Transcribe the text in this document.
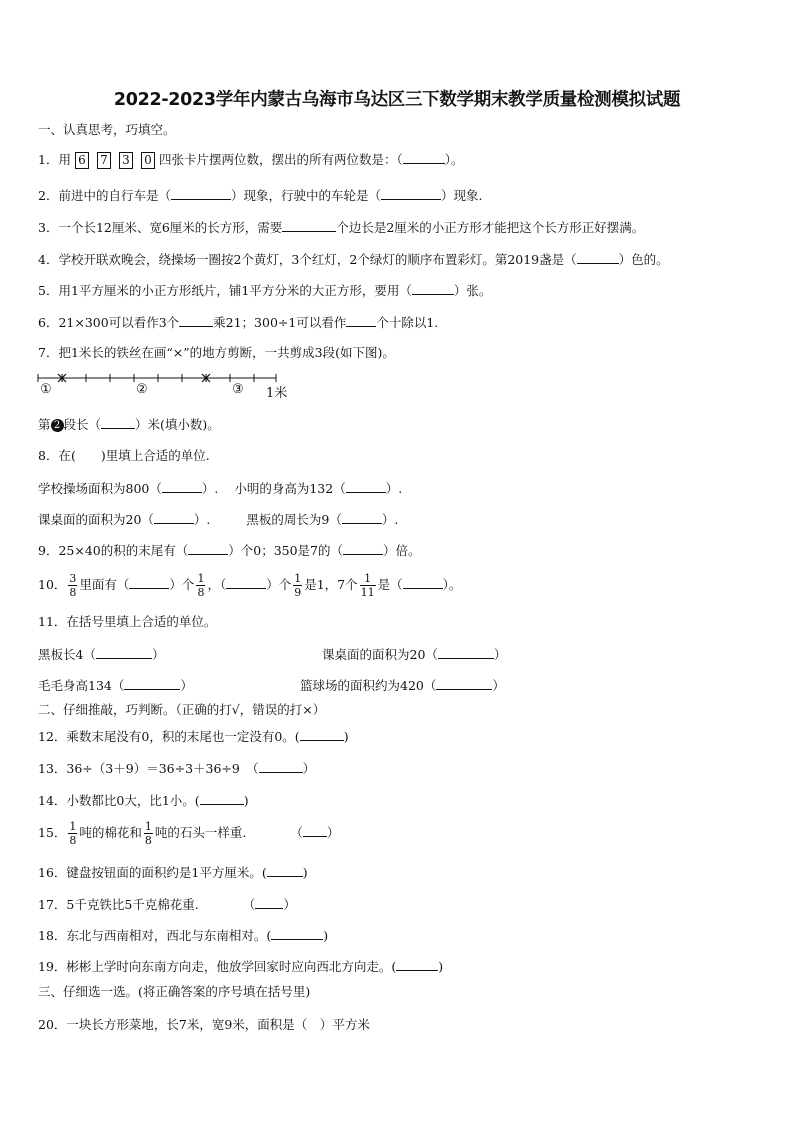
2022-2023学年内蒙古乌海市乌达区三下数学期末教学质量检测模拟试题
一、认真思考，巧填空。
1．用 6 7 3 0 四张卡片摆两位数，摆出的所有两位数是：（	）。
2．前进中的自行车是（	）现象，行驶中的车轮是（	）现象.
3．一个长12厘米、宽6厘米的长方形，需要	个边长是2厘米的小正方形才能把这个长方形正好摆满。
4．学校开联欢晚会，绕操场一圈按2个黄灯，3个红灯，2个绿灯的顺序布置彩灯。第2019盏是（	）色的。
5．用1平方厘米的小正方形纸片，铺1平方分米的大正方形，要用（	）张。
6．21×300可以看作3个	乘21；300÷1可以看作 个十除以1.
7．把1米长的铁丝在画“×”的地方剪断，一共剪成3段(如下图)。
①	②	③ 1米
第 2 段长（	）米(填小数)。
8．在(　　)里填上合适的单位.
学校操场面积为800（	）. 小明的身高为132（	）.
课桌面的面积为20（	）.	黑板的周长为9（	）.
9．25×40的积的末尾有（	）个0；350是7的（	）倍。
10． $\frac{3}{8}$ 里面有（	）个 $\frac{1}{8}$ ，（	）个 $\frac{1}{9}$ 是1，7个 $\frac{1}{11}$ 是（	）。
11．在括号里填上合适的单位。
黑板长4（	）	课桌面的面积为20（	）
毛毛身高134（	）	篮球场的面积约为420（	）
二、仔细推敲，巧判断。（正确的打√，错误的打×）
12．乘数末尾没有0，积的末尾也一定没有0。(	)
13．36÷（3＋9）＝36÷3＋36÷9　（	）
14．小数都比0大，比1小。(	)
15． $\frac{1}{8}$ 吨的棉花和 $\frac{1}{8}$ 吨的石头一样重.	（ ）
16．键盘按钮面的面积约是1平方厘米。(	)
17．5千克铁比5千克棉花重.	（ ）
18．东北与西南相对，西北与东南相对。(	)
19．彬彬上学时向东南方向走，他放学回家时应向西北方向走。(	)
三、仔细选一选。(将正确答案的序号填在括号里)
20．一块长方形菜地，长7米，宽9米，面积是（　）平方米
